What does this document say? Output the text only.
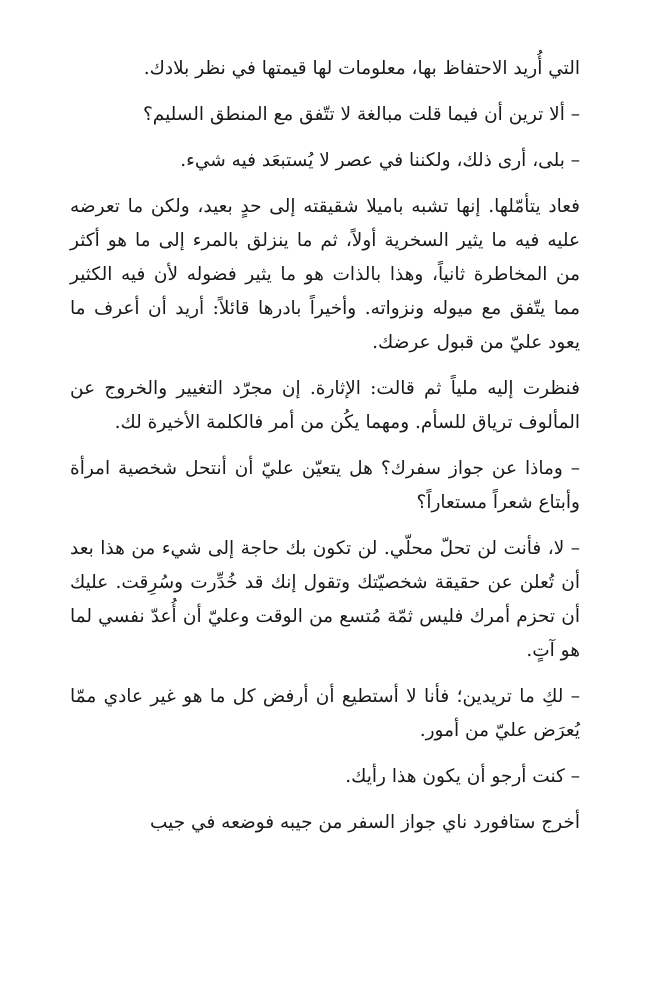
التي أُريد الاحتفاظ بها، معلومات لها قيمتها في نظر بلادك.

– ألا ترين أن فيما قلت مبالغة لا تتّفق مع المنطق السليم؟

– بلى، أرى ذلك، ولكننا في عصر لا يُستبعَد فيه شيء.

فعاد يتأمّلها. إنها تشبه باميلا شقيقته إلى حدٍ بعيد، ولكن ما تعرضه عليه فيه ما يثير السخرية أولاً، ثم ما ينزلق بالمرء إلى ما هو أكثر من المخاطرة ثانياً، وهذا بالذات هو ما يثير فضوله لأن فيه الكثير مما يتّفق مع ميوله ونزواته. وأخيراً بادرها قائلاً: أريد أن أعرف ما يعود عليّ من قبول عرضك.

فنظرت إليه ملياً ثم قالت: الإثارة. إن مجرّد التغيير والخروج عن المألوف ترياق للسأم. ومهما يكُن من أمر فالكلمة الأخيرة لك.

– وماذا عن جواز سفرك؟ هل يتعيّن عليّ أن أنتحل شخصية امرأة وأبتاع شعراً مستعاراً؟

– لا، فأنت لن تحلّ محلّي. لن تكون بك حاجة إلى شيء من هذا بعد أن تُعلن عن حقيقة شخصيّتك وتقول إنك قد خُدِّرت وسُرِقت. عليك أن تحزم أمرك فليس ثمّة مُتسع من الوقت وعليّ أن أُعدّ نفسي لما هو آتٍ.

– لكِ ما تريدين؛ فأنا لا أستطيع أن أرفض كل ما هو غير عادي ممّا يُعرَض عليّ من أمور.

– كنت أرجو أن يكون هذا رأيك.

أخرج ستافورد ناي جواز السفر من جيبه فوضعه في جيب
